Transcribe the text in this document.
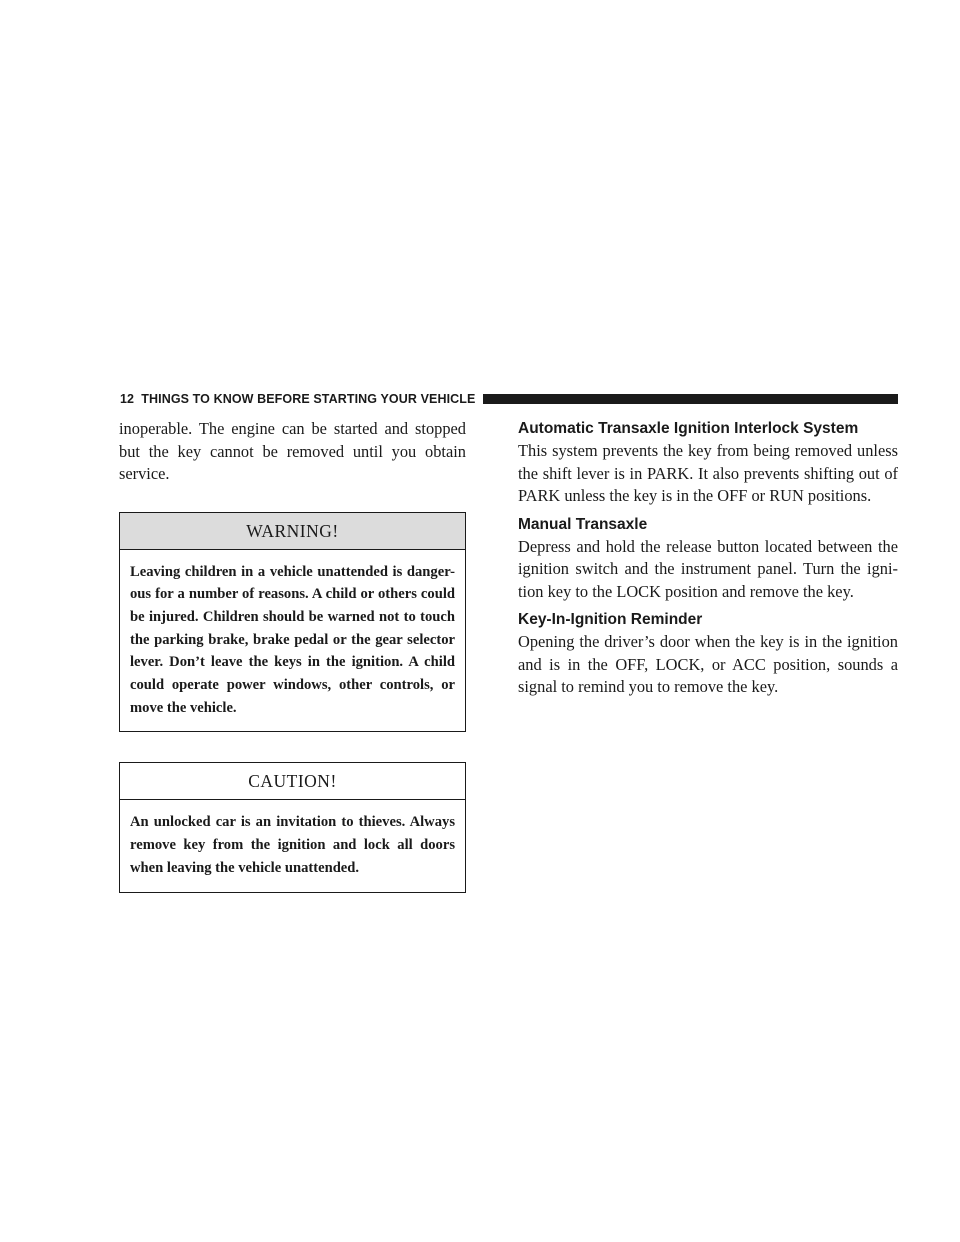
12 THINGS TO KNOW BEFORE STARTING YOUR VEHICLE

inoperable. The engine can be started and stopped but the key cannot be removed until you obtain service.

WARNING!
Leaving children in a vehicle unattended is danger-ous for a number of reasons. A child or others could be injured. Children should be warned not to touch the parking brake, brake pedal or the gear selector lever. Don’t leave the keys in the ignition. A child could operate power windows, other controls, or move the vehicle.
CAUTION!
An unlocked car is an invitation to thieves. Always remove key from the ignition and lock all doors when leaving the vehicle unattended.
Automatic Transaxle Ignition Interlock System

This system prevents the key from being removed unless the shift lever is in PARK. It also prevents shifting out of PARK unless the key is in the OFF or RUN positions.

Manual Transaxle

Depress and hold the release button located between the ignition switch and the instrument panel. Turn the igni-tion key to the LOCK position and remove the key.

Key-In-Ignition Reminder

Opening the driver’s door when the key is in the ignition and is in the OFF, LOCK, or ACC position, sounds a signal to remind you to remove the key.
